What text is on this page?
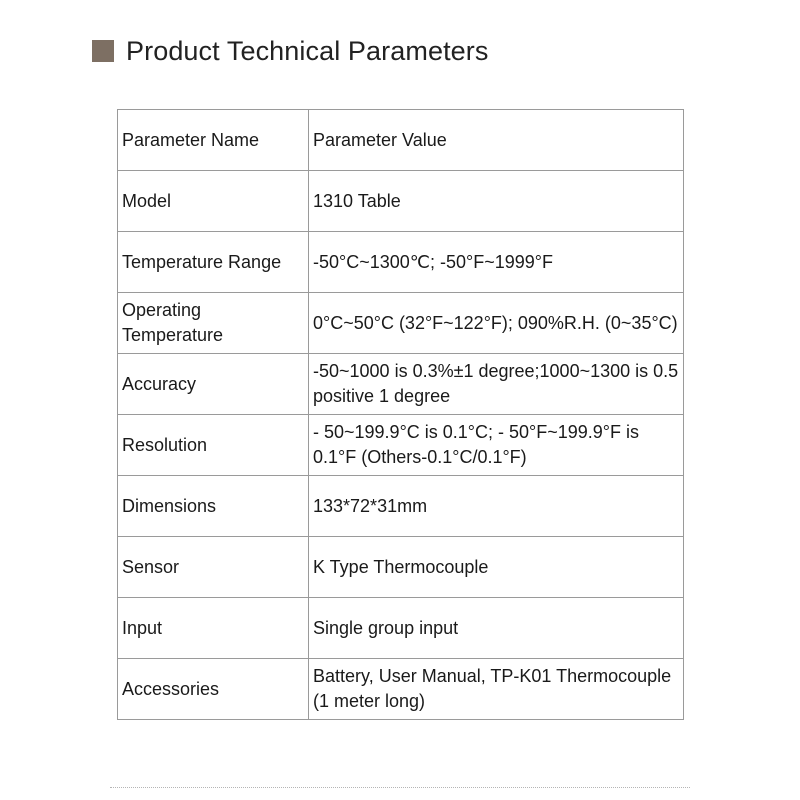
Product Technical Parameters
Parameter Name	Parameter Value
Model	1310 Table
Temperature Range	-50°C~1300℃; -50°F~1999°F
Operating Temperature	0°C~50°C (32°F~122°F); 090%R.H. (0~35°C)
Accuracy	-50~1000 is 0.3%±1 degree;1000~1300 is 0.5 positive 1 degree
Resolution	- 50~199.9°C is 0.1°C; - 50°F~199.9°F is 0.1°F (Others-0.1°C/0.1°F)
Dimensions	133*72*31mm
Sensor	K Type Thermocouple
Input	Single group input
Accessories	Battery, User Manual, TP-K01 Thermocouple (1 meter long)
